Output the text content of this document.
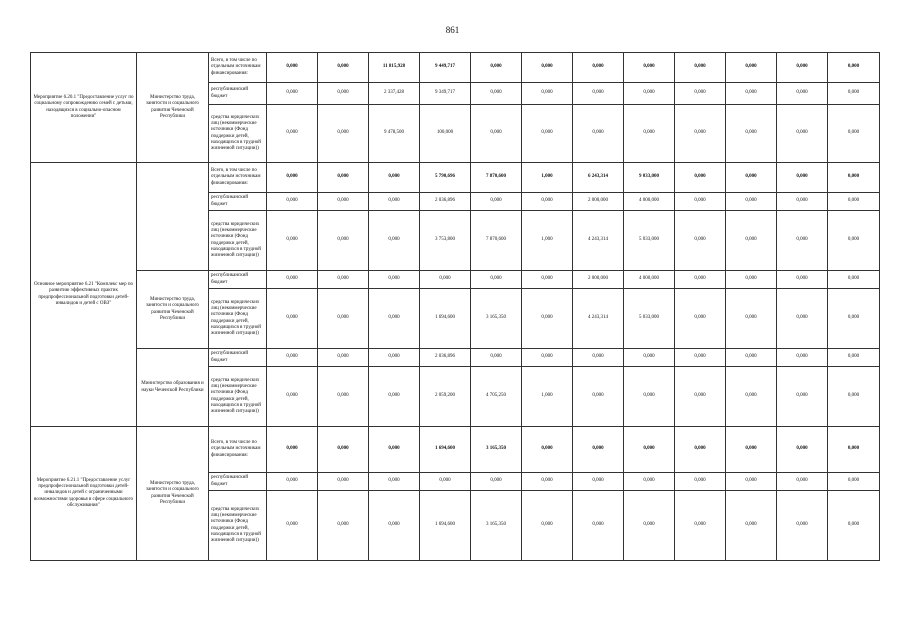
861
Мероприятие 6.20.1 "Предоставление услуг по социальному сопровождению семей с детьми, находящихся в социально-опасном положении"	Министерство труда, занятости и социального развития Чеченской Республики	Всего, в том числе по отдельным источникам финансирования:	0,000	0,000	11 815,928	9 449,717	0,000	0,000	0,000	0,000	0,000	0,000	0,000	0,000
		республиканский бюджет	0,000	0,000	2 337,428	9 349,717	0,000	0,000	0,000	0,000	0,000	0,000	0,000	0,000
		средства юридических лиц (некоммерческие источники (Фонд поддержки детей, находящихся в трудной жизненной ситуации))	0,000	0,000	9 478,500	100,000	0,000	0,000	0,000	0,000	0,000	0,000	0,000	0,000
Основное мероприятие 6.21 "Комплекс мер по развитию эффективных практик предпрофессиональной подготовки детей-инвалидов и детей с ОВЗ"		Всего, в том числе по отдельным источникам финансирования:	0,000	0,000	0,000	5 790,696	7 870,600	1,000	6 243,314	9 033,000	0,000	0,000	0,000	0,000
		республиканский бюджет	0,000	0,000	0,000	2 036,896	0,000	0,000	2 000,000	4 000,000	0,000	0,000	0,000	0,000
		средства юридических лиц (некоммерческие источники (Фонд поддержки детей, находящихся в трудной жизненной ситуации))	0,000	0,000	0,000	3 753,800	7 870,600	1,000	4 243,314	5 033,000	0,000	0,000	0,000	0,000
	Министерство труда, занятости и социального развития Чеченской Республики	республиканский бюджет	0,000	0,000	0,000	0,000	0,000	0,000	2 000,000	4 000,000	0,000	0,000	0,000	0,000
		средства юридических лиц (некоммерческие источники (Фонд поддержки детей, находящихся в трудной жизненной ситуации))	0,000	0,000	0,000	1 694,600	3 165,350	0,000	4 243,314	5 033,000	0,000	0,000	0,000	0,000
	Министерство образования и науки Чеченской Республики	республиканский бюджет	0,000	0,000	0,000	2 036,896	0,000	0,000	0,000	0,000	0,000	0,000	0,000	0,000
		средства юридических лиц (некоммерческие источники (Фонд поддержки детей, находящихся в трудной жизненной ситуации))	0,000	0,000	0,000	2 059,200	4 705,250	1,000	0,000	0,000	0,000	0,000	0,000	0,000
Мероприятие 6.21.1 "Предоставление услуг предпрофессиональной подготовки детей-инвалидов и детей с ограниченными возможностями здоровья в сфере социального обслуживания"	Министерство труда, занятости и социального развития Чеченской Республики	Всего, в том числе по отдельным источникам финансирования:	0,000	0,000	0,000	1 694,600	3 165,350	0,000	0,000	0,000	0,000	0,000	0,000	0,000
		республиканский бюджет	0,000	0,000	0,000	0,000	0,000	0,000	0,000	0,000	0,000	0,000	0,000	0,000
		средства юридических лиц (некоммерческие источники (Фонд поддержки детей, находящихся в трудной жизненной ситуации))	0,000	0,000	0,000	1 694,600	3 165,350	0,000	0,000	0,000	0,000	0,000	0,000	0,000
